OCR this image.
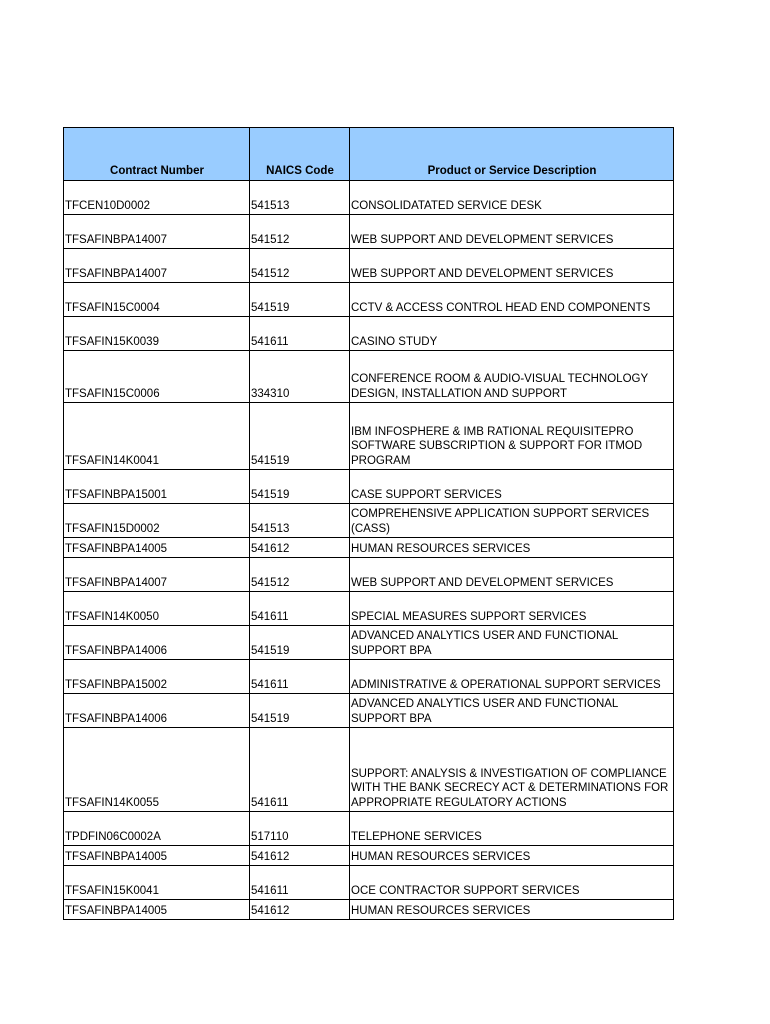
Contract Number	NAICS Code	Product or Service Description
TFCEN10D0002	541513	CONSOLIDATATED SERVICE DESK
TFSAFINBPA14007	541512	WEB SUPPORT AND DEVELOPMENT SERVICES
TFSAFINBPA14007	541512	WEB SUPPORT AND DEVELOPMENT SERVICES
TFSAFIN15C0004	541519	CCTV & ACCESS CONTROL HEAD END COMPONENTS
TFSAFIN15K0039	541611	CASINO STUDY
TFSAFIN15C0006	334310	CONFERENCE ROOM & AUDIO-VISUAL TECHNOLOGY DESIGN, INSTALLATION AND SUPPORT
TFSAFIN14K0041	541519	IBM INFOSPHERE & IMB RATIONAL REQUISITEPRO SOFTWARE SUBSCRIPTION & SUPPORT FOR ITMOD PROGRAM
TFSAFINBPA15001	541519	CASE SUPPORT SERVICES
TFSAFIN15D0002	541513	COMPREHENSIVE APPLICATION SUPPORT SERVICES (CASS)
TFSAFINBPA14005	541612	HUMAN RESOURCES SERVICES
TFSAFINBPA14007	541512	WEB SUPPORT AND DEVELOPMENT SERVICES
TFSAFIN14K0050	541611	SPECIAL MEASURES SUPPORT SERVICES
TFSAFINBPA14006	541519	ADVANCED ANALYTICS USER AND FUNCTIONAL SUPPORT BPA
TFSAFINBPA15002	541611	ADMINISTRATIVE & OPERATIONAL SUPPORT SERVICES
TFSAFINBPA14006	541519	ADVANCED ANALYTICS USER AND FUNCTIONAL SUPPORT BPA
TFSAFIN14K0055	541611	SUPPORT: ANALYSIS & INVESTIGATION OF COMPLIANCE WITH THE BANK SECRECY ACT & DETERMINATIONS FOR APPROPRIATE REGULATORY ACTIONS
TPDFIN06C0002A	517110	TELEPHONE SERVICES
TFSAFINBPA14005	541612	HUMAN RESOURCES SERVICES
TFSAFIN15K0041	541611	OCE CONTRACTOR SUPPORT SERVICES
TFSAFINBPA14005	541612	HUMAN RESOURCES SERVICES
